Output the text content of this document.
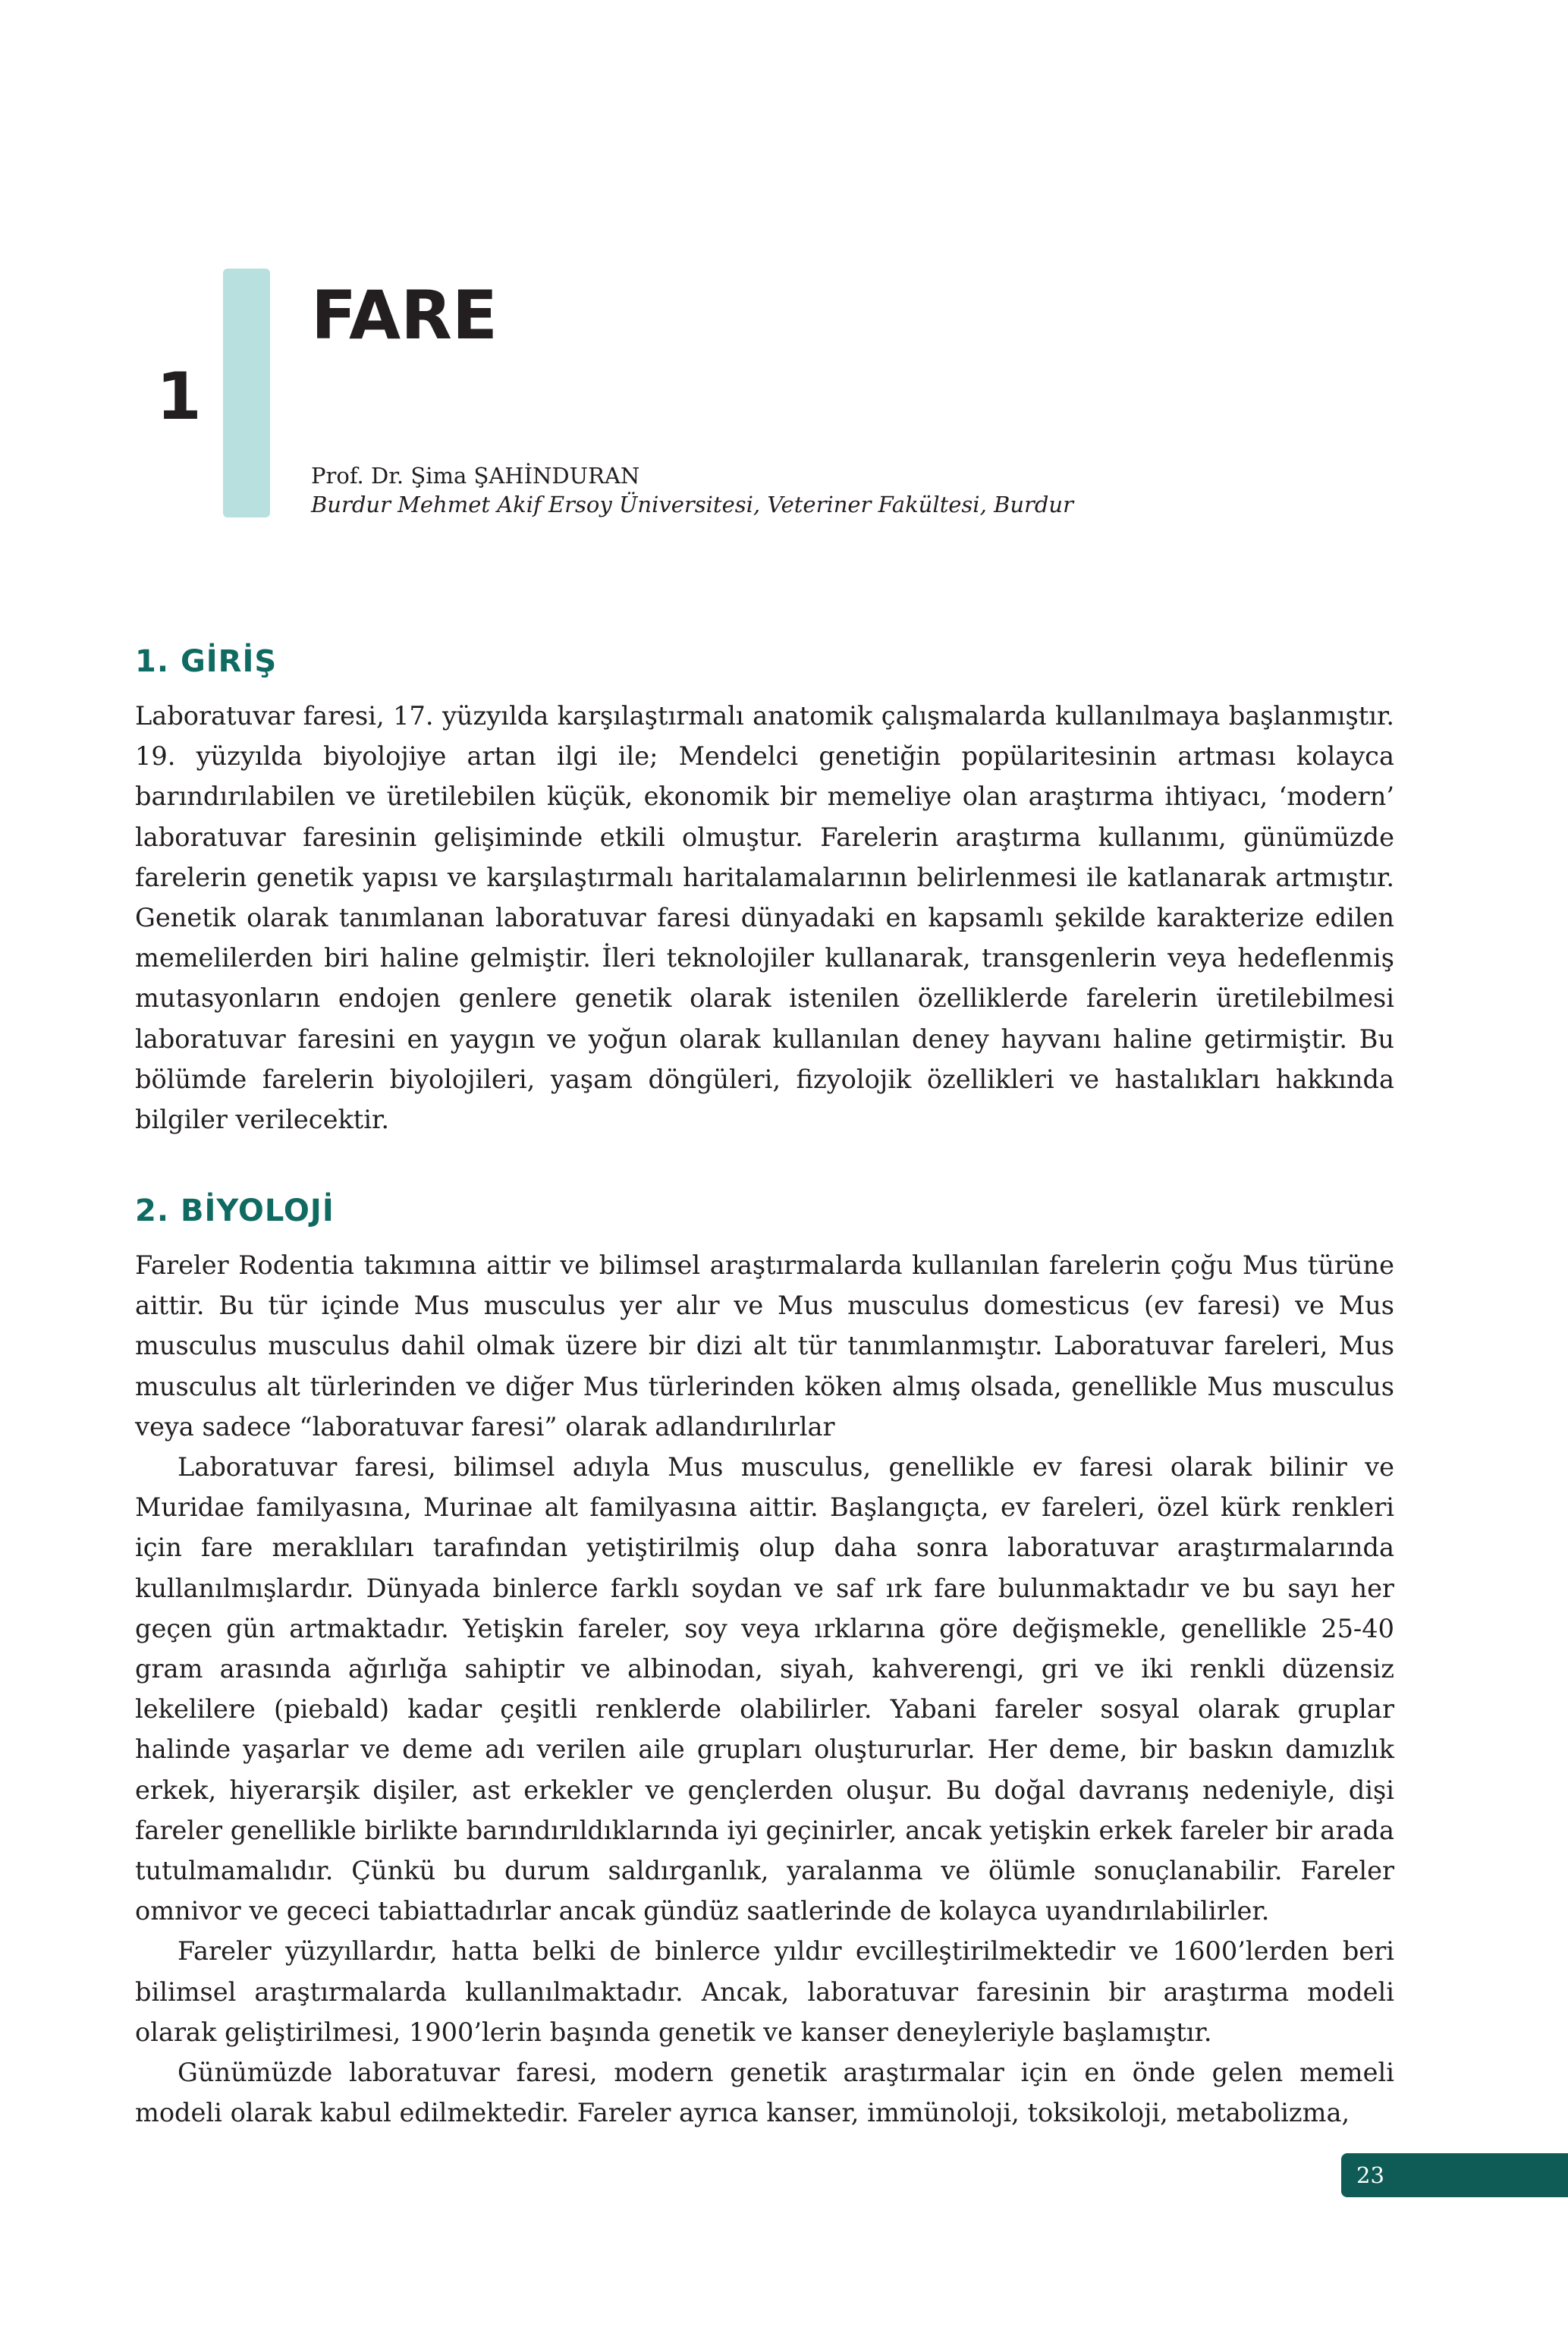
1
FARE
Prof. Dr. Şima ŞAHİNDURAN
Burdur Mehmet Akif Ersoy Üniversitesi, Veteriner Fakültesi, Burdur
1. GİRİŞ

Laboratuvar faresi, 17. yüzyılda karşılaştırmalı anatomik çalışmalarda kullanılmaya başlanmıştır. 19. yüzyılda biyolojiye artan ilgi ile; Mendelci genetiğin popülaritesinin artması kolayca barındırılabilen ve üretilebilen küçük, ekonomik bir memeliye olan araştırma ihtiyacı, ‘modern’ laboratuvar faresinin gelişiminde etkili olmuştur. Farelerin araştırma kullanımı, günümüzde farelerin genetik yapısı ve karşılaştırmalı haritalamalarının belirlenmesi ile katlanarak artmıştır. Genetik olarak tanımlanan laboratuvar faresi dünyadaki en kapsamlı şekilde karakterize edilen memelilerden biri haline gelmiştir. İleri teknolojiler kullanarak, transgenlerin veya hedeflenmiş mutasyonların endojen genlere genetik olarak istenilen özelliklerde farelerin üretilebilmesi laboratuvar faresini en yaygın ve yoğun olarak kullanılan deney hayvanı haline getirmiştir. Bu bölümde farelerin biyolojileri, yaşam döngüleri, fizyolojik özellikleri ve hastalıkları hakkında bilgiler verilecektir.

2. BİYOLOJİ

Fareler Rodentia takımına aittir ve bilimsel araştırmalarda kullanılan farelerin çoğu Mus türüne aittir. Bu tür içinde Mus musculus yer alır ve Mus musculus domesticus (ev faresi) ve Mus musculus musculus dahil olmak üzere bir dizi alt tür tanımlanmıştır. Laboratuvar fareleri, Mus musculus alt türlerinden ve diğer Mus türlerinden köken almış olsada, genellikle Mus musculus veya sadece “laboratuvar faresi” olarak adlandırılırlar

Laboratuvar faresi, bilimsel adıyla Mus musculus, genellikle ev faresi olarak bilinir ve Muridae familyasına, Murinae alt familyasına aittir. Başlangıçta, ev fareleri, özel kürk renkleri için fare meraklıları tarafından yetiştirilmiş olup daha sonra laboratuvar araştırmalarında kullanılmışlardır. Dünyada binlerce farklı soydan ve saf ırk fare bulunmaktadır ve bu sayı her geçen gün artmaktadır. Yetişkin fareler, soy veya ırklarına göre değişmekle, genellikle 25-40 gram arasında ağırlığa sahiptir ve albinodan, siyah, kahverengi, gri ve iki renkli düzensiz lekelilere (piebald) kadar çeşitli renklerde olabilirler. Yabani fareler sosyal olarak gruplar halinde yaşarlar ve deme adı verilen aile grupları oluştururlar. Her deme, bir baskın damızlık erkek, hiyerarşik dişiler, ast erkekler ve gençlerden oluşur. Bu doğal davranış nedeniyle, dişi fareler genellikle birlikte barındırıldıklarında iyi geçinirler, ancak yetişkin erkek fareler bir arada tutulmamalıdır. Çünkü bu durum saldırganlık, yaralanma ve ölümle sonuçlanabilir. Fareler omnivor ve gececi tabiattadırlar ancak gündüz saatlerinde de kolayca uyandırılabilirler.

Fareler yüzyıllardır, hatta belki de binlerce yıldır evcilleştirilmektedir ve 1600’lerden beri bilimsel araştırmalarda kullanılmaktadır. Ancak, laboratuvar faresinin bir araştırma modeli olarak geliştirilmesi, 1900’lerin başında genetik ve kanser deneyleriyle başlamıştır.

Günümüzde laboratuvar faresi, modern genetik araştırmalar için en önde gelen memeli modeli olarak kabul edilmektedir. Fareler ayrıca kanser, immünoloji, toksikoloji, metabolizma,

23
